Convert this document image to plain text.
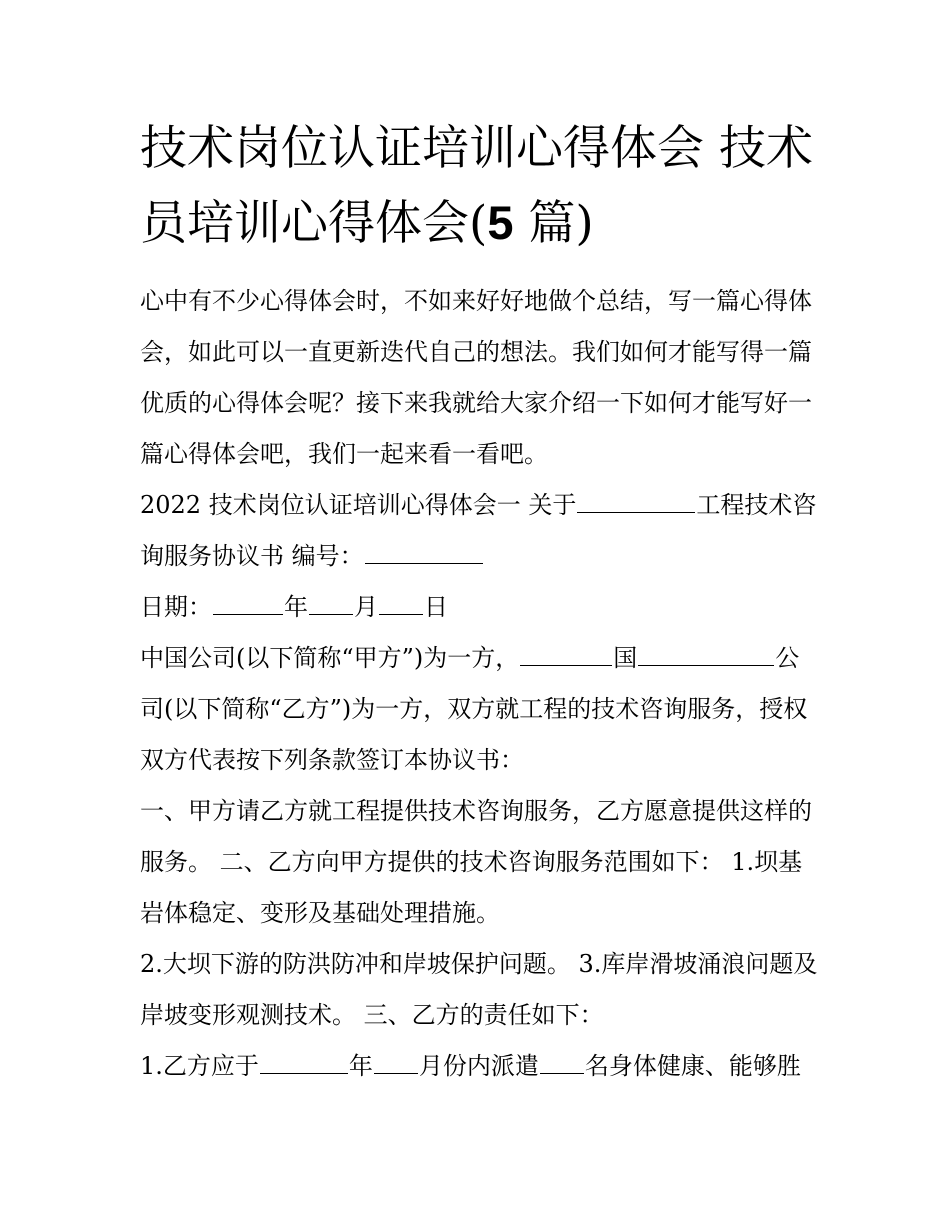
技术岗位认证培训心得体会 技术员培训心得体会(5 篇)

心中有不少心得体会时，不如来好好地做个总结，写一篇心得体会，如此可以一直更新迭代自己的想法。我们如何才能写得一篇优质的心得体会呢？接下来我就给大家介绍一下如何才能写好一篇心得体会吧，我们一起来看一看吧。

2022 技术岗位认证培训心得体会一 关于	工程技术咨询服务协议书 编号：

日期：	年 月 日

中国公司(以下简称“甲方”)为一方，	国	公司(以下简称“乙方”)为一方，双方就工程的技术咨询服务，授权双方代表按下列条款签订本协议书：

一、甲方请乙方就工程提供技术咨询服务，乙方愿意提供这样的服务。 二、乙方向甲方提供的技术咨询服务范围如下： 1.坝基岩体稳定、变形及基础处理措施。

2.大坝下游的防洪防冲和岸坡保护问题。 3.库岸滑坡涌浪问题及岸坡变形观测技术。 三、乙方的责任如下：

1.乙方应于	年 月份内派遣 名身体健康、能够胜
